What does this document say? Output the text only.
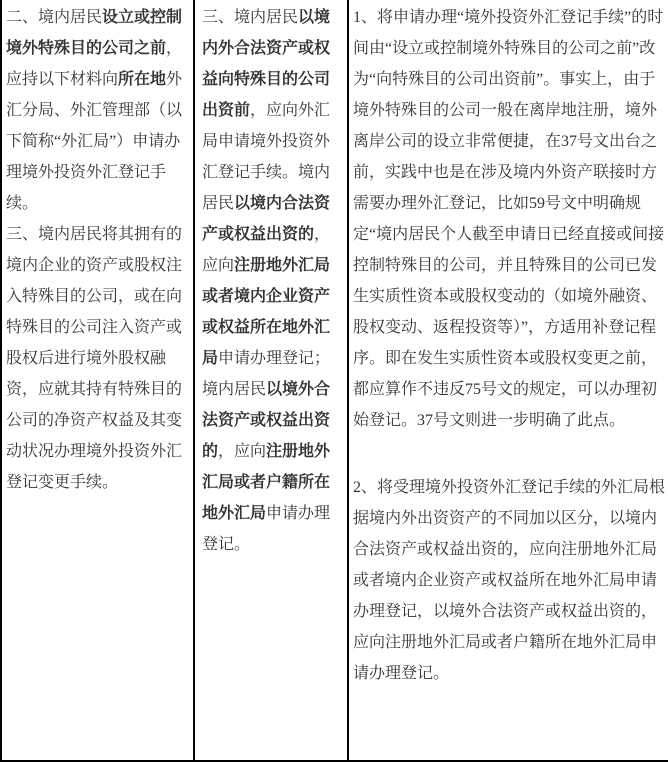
二、境内居民设立或控制境外特殊目的公司之前，应持以下材料向所在地外汇分局、外汇管理部（以下简称“外汇局”）申请办理境外投资外汇登记手续。

三、境内居民将其拥有的境内企业的资产或股权注入特殊目的公司，或在向特殊目的公司注入资产或股权后进行境外股权融资，应就其持有特殊目的公司的净资产权益及其变动状况办理境外投资外汇登记变更手续。

三、境内居民以境内外合法资产或权益向特殊目的公司出资前，应向外汇局申请境外投资外汇登记手续。境内居民以境内合法资产或权益出资的，应向注册地外汇局或者境内企业资产或权益所在地外汇局申请办理登记；境内居民以境外合法资产或权益出资的，应向注册地外汇局或者户籍所在地外汇局申请办理登记。

1、将申请办理“境外投资外汇登记手续”的时间由“设立或控制境外特殊目的公司之前”改为“向特殊目的公司出资前”。事实上，由于境外特殊目的公司一般在离岸地注册，境外离岸公司的设立非常便捷，在37号文出台之前，实践中也是在涉及境内外资产联接时方需要办理外汇登记，比如59号文中明确规定“境内居民个人截至申请日已经直接或间接控制特殊目的公司，并且特殊目的公司已发生实质性资本或股权变动的（如境外融资、股权变动、返程投资等）”，方适用补登记程序。即在发生实质性资本或股权变更之前，都应算作不违反75号文的规定，可以办理初始登记。37号文则进一步明确了此点。

2、将受理境外投资外汇登记手续的外汇局根据境内外出资资产的不同加以区分，以境内合法资产或权益出资的，应向注册地外汇局或者境内企业资产或权益所在地外汇局申请办理登记，以境外合法资产或权益出资的，应向注册地外汇局或者户籍所在地外汇局申请办理登记。
